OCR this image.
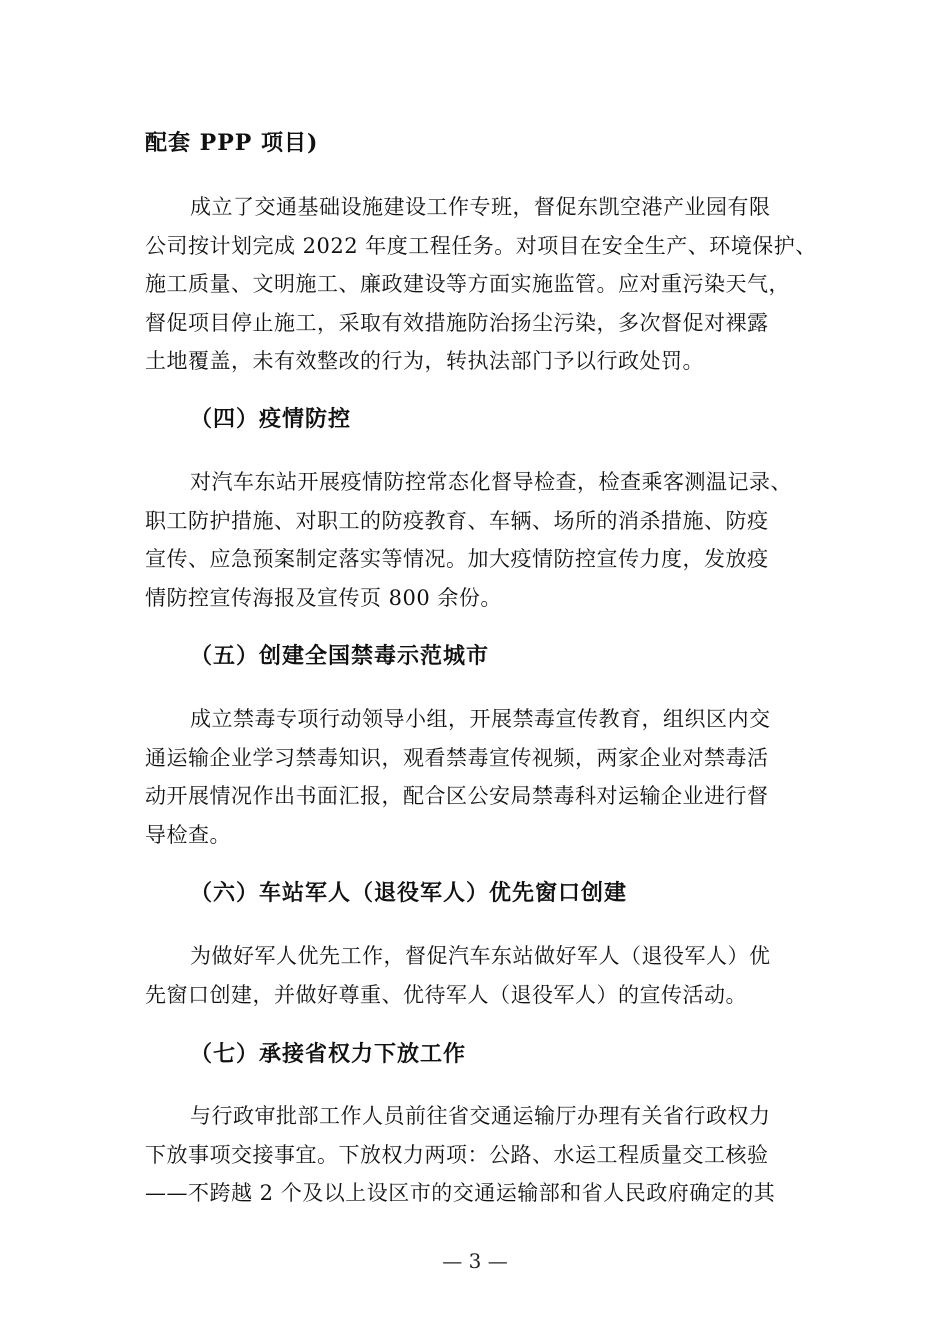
配套 PPP 项目)
成立了交通基础设施建设工作专班，督促东凯空港产业园有限
公司按计划完成 2022 年度工程任务。对项目在安全生产、环境保护、
施工质量、文明施工、廉政建设等方面实施监管。应对重污染天气，
督促项目停止施工，采取有效措施防治扬尘污染，多次督促对裸露
土地覆盖，未有效整改的行为，转执法部门予以行政处罚。
（四）疫情防控
对汽车东站开展疫情防控常态化督导检查，检查乘客测温记录、
职工防护措施、对职工的防疫教育、车辆、场所的消杀措施、防疫
宣传、应急预案制定落实等情况。加大疫情防控宣传力度，发放疫
情防控宣传海报及宣传页 800 余份。
（五）创建全国禁毒示范城市
成立禁毒专项行动领导小组，开展禁毒宣传教育，组织区内交
通运输企业学习禁毒知识，观看禁毒宣传视频，两家企业对禁毒活
动开展情况作出书面汇报，配合区公安局禁毒科对运输企业进行督
导检查。
（六）车站军人（退役军人）优先窗口创建
为做好军人优先工作，督促汽车东站做好军人（退役军人）优
先窗口创建，并做好尊重、优待军人（退役军人）的宣传活动。
（七）承接省权力下放工作
与行政审批部工作人员前往省交通运输厅办理有关省行政权力
下放事项交接事宜。下放权力两项：公路、水运工程质量交工核验
——不跨越 2 个及以上设区市的交通运输部和省人民政府确定的其
— 3 —
